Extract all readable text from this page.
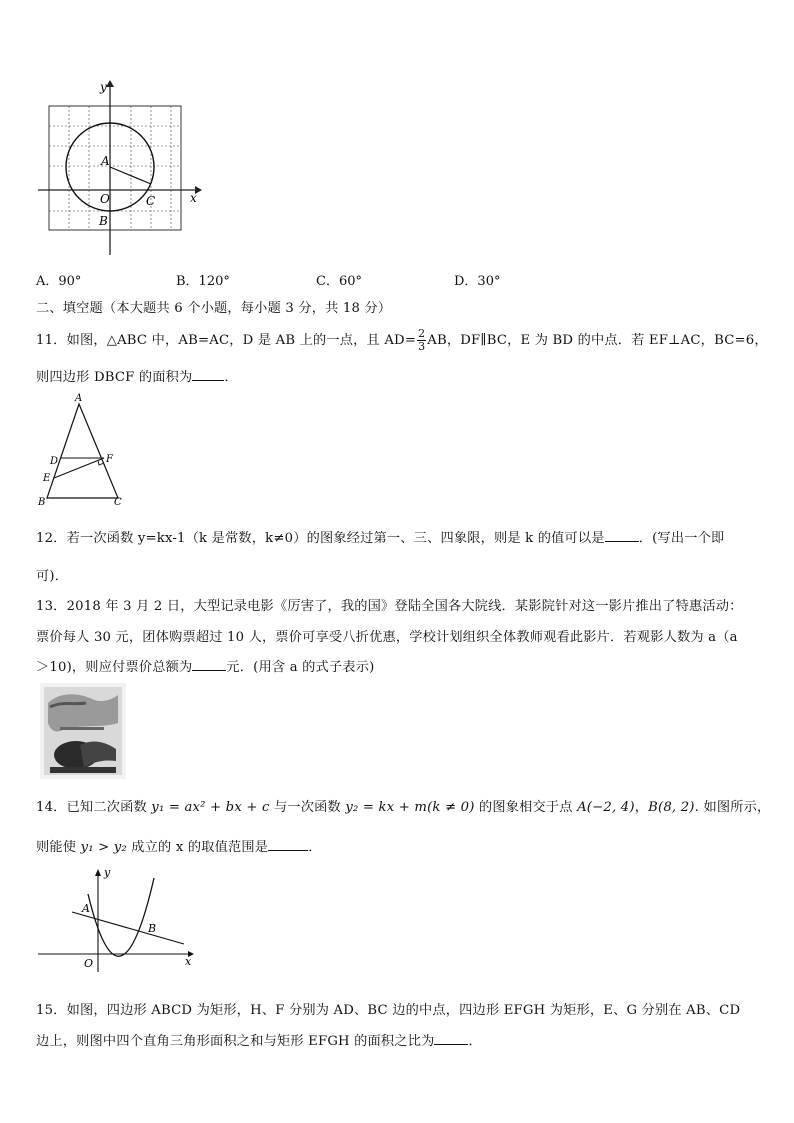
y
x
A
O	C
B
A．90°	B．120°	C．60°	D．30°
二、填空题（本大题共 6 个小题，每小题 3 分，共 18 分）
11．如图，△ABC 中，AB=AC，D 是 AB 上的一点，且 $AD= \frac{2}{3}$ AB，DF∥BC，E 为 BD 的中点．若 EF⊥AC，BC=6，
则四边形 DBCF 的面积为 ．
A
D	F
E
B	C
12．若一次函数 y=kx-1（k 是常数，k≠0）的图象经过第一、三、四象限，则是 k 的值可以是	．(写出一个即
可)．
13．2018 年 3 月 2 日，大型记录电影《厉害了，我的国》登陆全国各大院线．某影院针对这一影片推出了特惠活动：
票价每人 30 元，团体购票超过 10 人，票价可享受八折优惠，学校计划组织全体教师观看此影片．若观影人数为 a（a
＞10)，则应付票价总额为	元．(用含 a 的式子表示)
14．已知二次函数 y₁ = ax² + bx + c 与一次函数 y₂ = kx + m(k ≠ 0) 的图象相交于点 A(−2, 4)，B(8, 2). 如图所示，
则能使 y₁ > y₂ 成立的 x 的取值范围是	．
y
x
O
A
B
15．如图，四边形 ABCD 为矩形，H、F 分别为 AD、BC 边的中点，四边形 EFGH 为矩形，E、G 分别在 AB、CD
边上，则图中四个直角三角形面积之和与矩形 EFGH 的面积之比为	．
